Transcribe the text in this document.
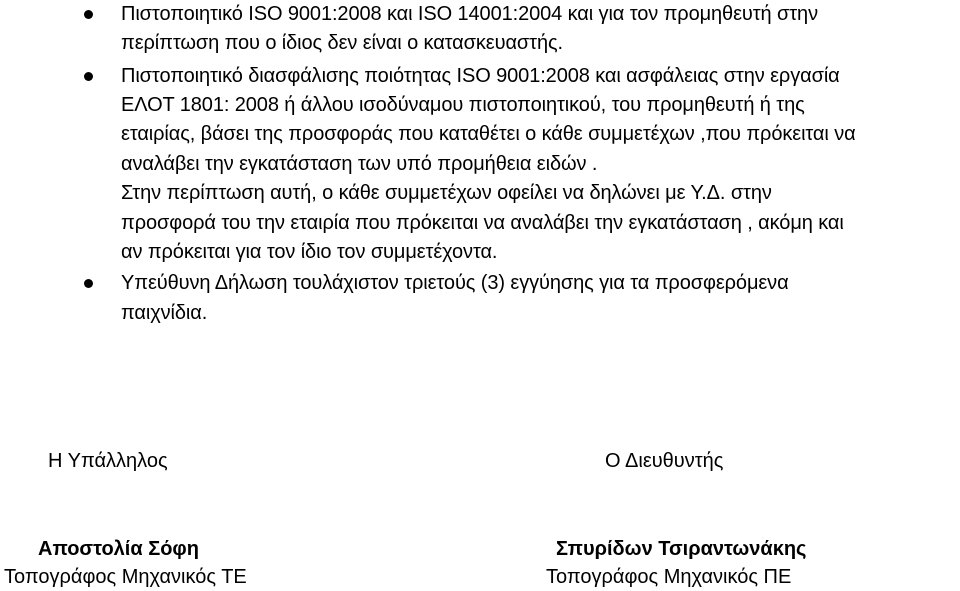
Πιστοποιητικό ISO 9001:2008 και ISO 14001:2004 και για τον προμηθευτή στην
περίπτωση που ο ίδιος δεν είναι ο κατασκευαστής.
Πιστοποιητικό διασφάλισης ποιότητας ISO 9001:2008 και ασφάλειας στην εργασία
ΕΛΟΤ 1801: 2008 ή άλλου ισοδύναμου πιστοποιητικού, του προμηθευτή ή της
εταιρίας, βάσει της προσφοράς που καταθέτει ο κάθε συμμετέχων ,που πρόκειται να
αναλάβει την εγκατάσταση των υπό προμήθεια ειδών .
Στην περίπτωση αυτή, ο κάθε συμμετέχων οφείλει να δηλώνει με Υ.Δ. στην
προσφορά του την εταιρία που πρόκειται να αναλάβει την εγκατάσταση , ακόμη και
αν πρόκειται για τον ίδιο τον συμμετέχοντα.
Υπεύθυνη Δήλωση τουλάχιστον τριετούς (3) εγγύησης για τα προσφερόμενα
παιχνίδια.
Η Υπάλληλος
Αποστολία Σόφη
Τοπογράφος Μηχανικός ΤΕ
Ο Διευθυντής
Σπυρίδων Τσιραντωνάκης
Τοπογράφος Μηχανικός ΠΕ
